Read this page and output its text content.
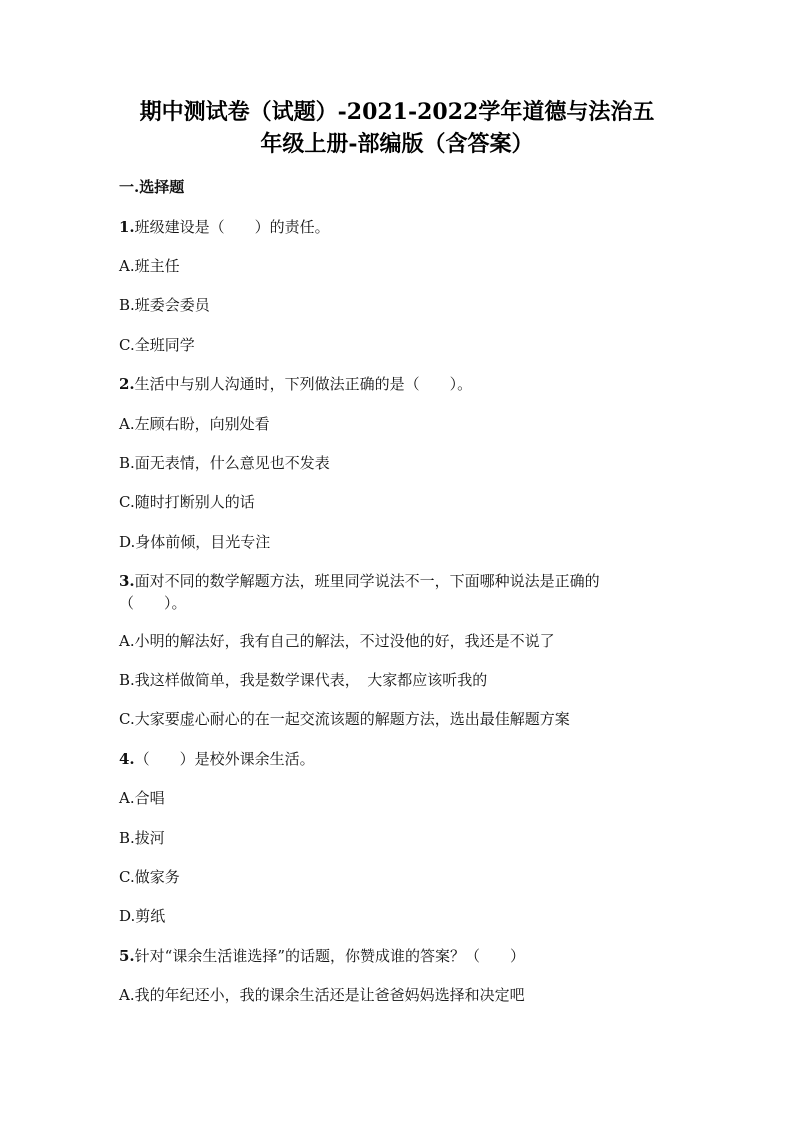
期中测试卷（试题）-2021-2022学年道德与法治五
年级上册-部编版（含答案）
一.选择题
1.班级建设是（　　）的责任。
A.班主任
B.班委会委员
C.全班同学
2.生活中与别人沟通时，下列做法正确的是（　　）。
A.左顾右盼，向别处看
B.面无表情，什么意见也不发表
C.随时打断别人的话
D.身体前倾，目光专注
3.面对不同的数学解题方法，班里同学说法不一，下面哪种说法是正确的
（　　）。
A.小明的解法好，我有自己的解法，不过没他的好，我还是不说了
B.我这样做简单，我是数学课代表，　大家都应该听我的
C.大家要虚心耐心的在一起交流该题的解题方法，选出最佳解题方案
4.（　　）是校外课余生活。
A.合唱
B.拔河
C.做家务
D.剪纸
5.针对“课余生活谁选择”的话题，你赞成谁的答案？（　　）
A.我的年纪还小，我的课余生活还是让爸爸妈妈选择和决定吧
